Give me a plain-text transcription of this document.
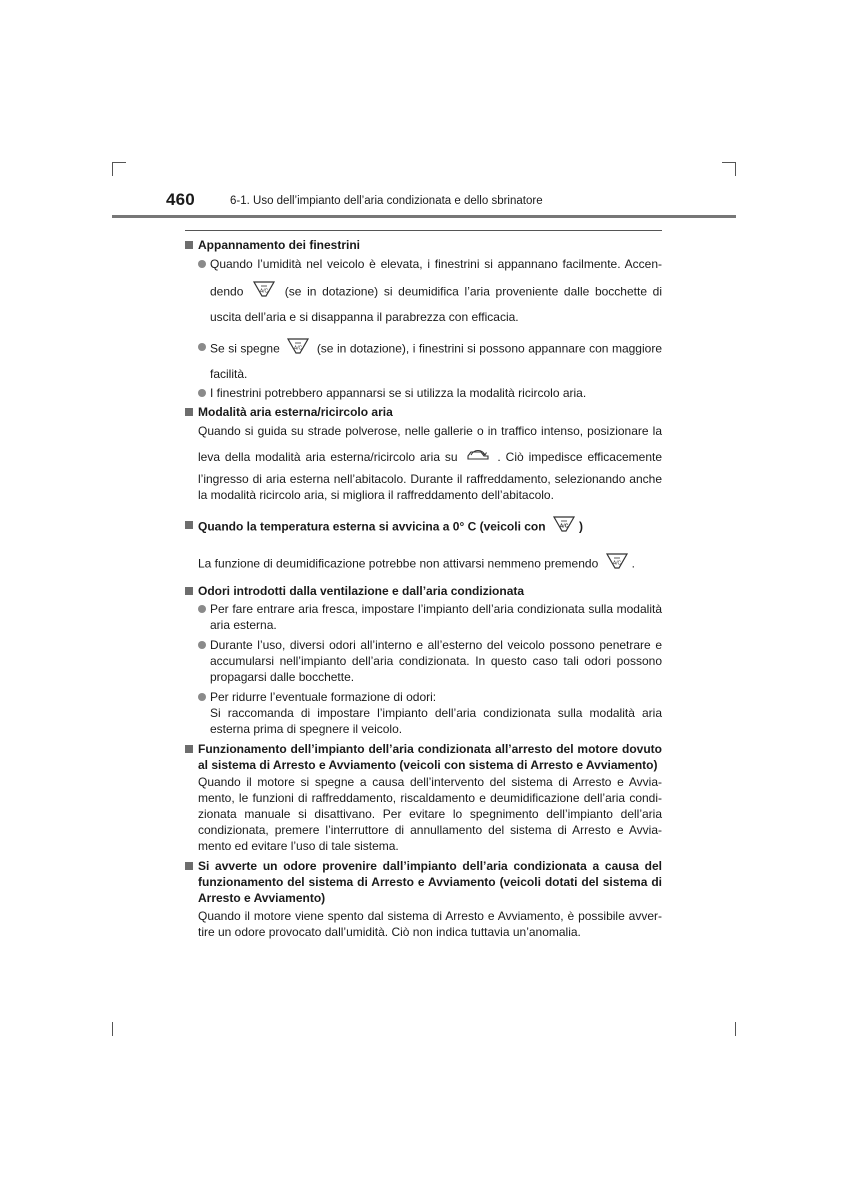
460	6-1. Uso dell’impianto dell’aria condizionata e dello sbrinatore
Appannamento dei finestrini
Quando l’umidità nel veicolo è elevata, i finestrini si appannano facilmente. Accen-
dendo	A/C (se in dotazione) si deumidifica l’aria proveniente dalle bocchette di
uscita dell’aria e si disappanna il parabrezza con efficacia.
Se si spegne	A/C (se in dotazione), i finestrini si possono appannare con maggiore
facilità.
I finestrini potrebbero appannarsi se si utilizza la modalità ricircolo aria.
Modalità aria esterna/ricircolo aria
Quando si guida su strade polverose, nelle gallerie o in traffico intenso, posizionare la
leva della modalità aria esterna/ricircolo aria su	. Ciò impedisce efficacemente
l’ingresso di aria esterna nell’abitacolo. Durante il raffreddamento, selezionando anche
la modalità ricircolo aria, si migliora il raffreddamento dell’abitacolo.
Quando la temperatura esterna si avvicina a 0° C (veicoli con	A/C )
La funzione di deumidificazione potrebbe non attivarsi nemmeno premendo	A/C .
Odori introdotti dalla ventilazione e dall’aria condizionata
Per fare entrare aria fresca, impostare l’impianto dell’aria condizionata sulla modalità aria esterna.
Durante l’uso, diversi odori all’interno e all’esterno del veicolo possono penetrare e accumularsi nell’impianto dell’aria condizionata. In questo caso tali odori possono propagarsi dalle bocchette.
Per ridurre l’eventuale formazione di odori:
Si raccomanda di impostare l’impianto dell’aria condizionata sulla modalità aria esterna prima di spegnere il veicolo.
Funzionamento dell’impianto dell’aria condizionata all’arresto del motore dovuto al sistema di Arresto e Avviamento (veicoli con sistema di Arresto e Avviamento)
Quando il motore si spegne a causa dell’intervento del sistema di Arresto e Avvia-mento, le funzioni di raffreddamento, riscaldamento e deumidificazione dell’aria condi-zionata manuale si disattivano. Per evitare lo spegnimento dell’impianto dell’aria condizionata, premere l’interruttore di annullamento del sistema di Arresto e Avvia-mento ed evitare l’uso di tale sistema.
Si avverte un odore provenire dall’impianto dell’aria condizionata a causa del funzionamento del sistema di Arresto e Avviamento (veicoli dotati del sistema di Arresto e Avviamento)
Quando il motore viene spento dal sistema di Arresto e Avviamento, è possibile avver-tire un odore provocato dall’umidità. Ciò non indica tuttavia un’anomalia.
